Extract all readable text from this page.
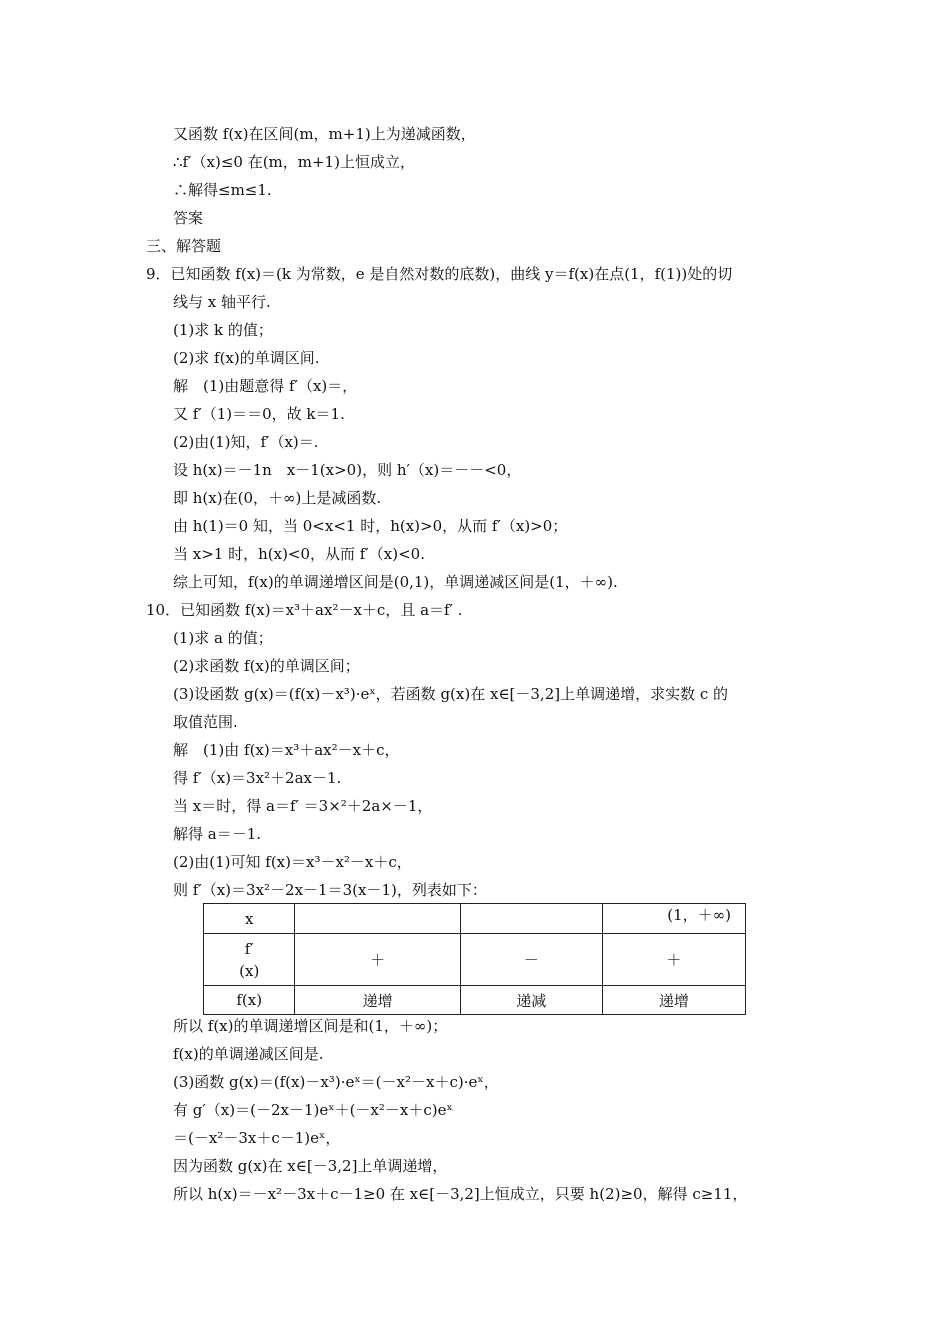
又函数 f(x)在区间(m，m+1)上为递减函数，
∴f′（x)≤0 在(m，m+1)上恒成立，
∴解得≤m≤1.
答案
三、解答题
9．已知函数 f(x)＝(k 为常数，e 是自然对数的底数)，曲线 y＝f(x)在点(1，f(1))处的切
线与 x 轴平行.
(1)求 k 的值；
(2)求 f(x)的单调区间.
解　(1)由题意得 f′（x)＝，
又 f′（1)＝＝0，故 k＝1.
(2)由(1)知，f′（x)＝.
设 h(x)＝－1n　x－1(x>0)，则 h′（x)＝－－<0，
即 h(x)在(0，＋∞)上是减函数.
由 h(1)＝0 知，当 0<x<1 时，h(x)>0，从而 f′（x)>0；
当 x>1 时，h(x)<0，从而 f′（x)<0.
综上可知，f(x)的单调递增区间是(0,1)，单调递减区间是(1，＋∞).
10．已知函数 f(x)＝x³＋ax²－x＋c，且 a＝f′ .
(1)求 a 的值；
(2)求函数 f(x)的单调区间；
(3)设函数 g(x)＝(f(x)－x³)·eˣ，若函数 g(x)在 x∈[－3,2]上单调递增，求实数 c 的
取值范围.
解　(1)由 f(x)＝x³＋ax²－x＋c，
得 f′（x)＝3x²＋2ax－1.
当 x＝时，得 a＝f′ ＝3×²＋2a×－1，
解得 a＝－1.
(2)由(1)可知 f(x)＝x³－x²－x＋c，
则 f′（x)＝3x²－2x－1＝3(x－1)，列表如下：
x			(1，＋∞)
f′
(x)	＋	－	＋
f(x)	递增	递减	递增
所以 f(x)的单调递增区间是和(1，＋∞)；
f(x)的单调递减区间是.
(3)函数 g(x)＝(f(x)－x³)·eˣ＝(－x²－x＋c)·eˣ，
有 g′（x)＝(－2x－1)eˣ＋(－x²－x＋c)eˣ
＝(－x²－3x＋c－1)eˣ，
因为函数 g(x)在 x∈[－3,2]上单调递增，
所以 h(x)＝－x²－3x＋c－1≥0 在 x∈[－3,2]上恒成立，只要 h(2)≥0，解得 c≥11，
